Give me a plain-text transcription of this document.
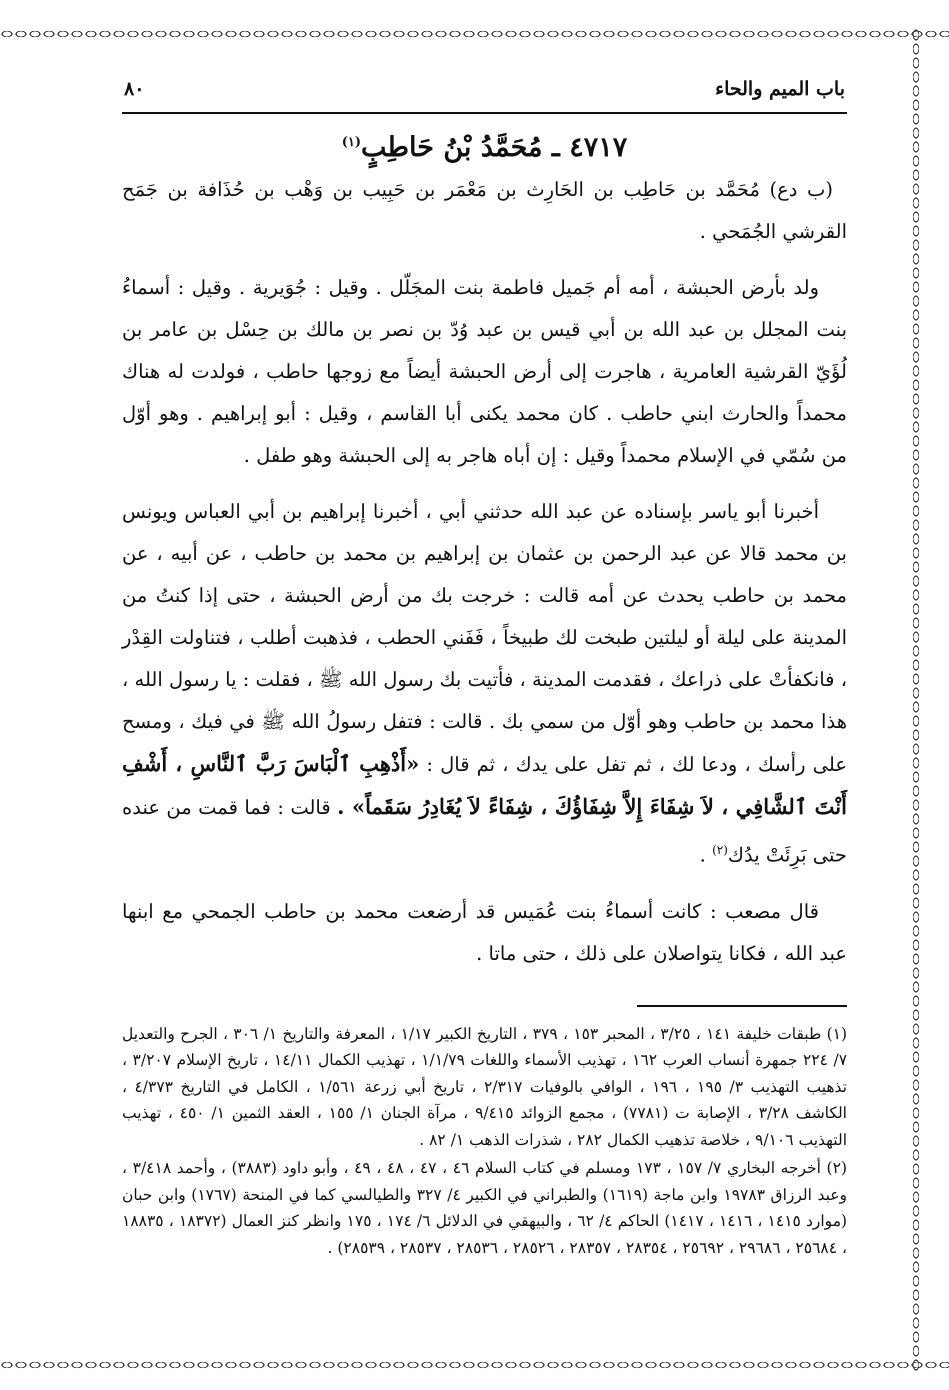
باب الميم والحاء
٨٠
٤٧١٧ ـ مُحَمَّدُ بْنُ حَاطِبٍ$^{(١)}$

(ب دع) مُحَمَّد بن حَاطِب بن الحَارِث بن مَعْمَر بن حَبِيب بن وَهْب بن حُذَافة بن جَمَح القرشي الجُمَحي .

ولد بأرض الحبشة ، أمه أم جَميل فاطمة بنت المجَلّل . وقيل : جُوَيرية . وقيل : أسماءُ بنت المجلل بن عبد الله بن أبي قيس بن عبد وُدّ بن نصر بن مالك بن حِسْل بن عامر بن لُؤَيّ القرشية العامرية ، هاجرت إلى أرض الحبشة أيضاً مع زوجها حاطب ، فولدت له هناك محمداً والحارث ابني حاطب . كان محمد يكنى أبا القاسم ، وقيل : أبو إبراهيم . وهو أوّل من سُمّي في الإسلام محمداً وقيل : إن أباه هاجر به إلى الحبشة وهو طفل .

أخبرنا أبو ياسر بإسناده عن عبد الله حدثني أبي ، أخبرنا إبراهيم بن أبي العباس ويونس بن محمد قالا عن عبد الرحمن بن عثمان بن إبراهيم بن محمد بن حاطب ، عن أبيه ، عن محمد بن حاطب يحدث عن أمه قالت : خرجت بك من أرض الحبشة ، حتى إذا كنتُ من المدينة على ليلة أو ليلتين طبخت لك طبيخاً ، فَفَني الحطب ، فذهبت أطلب ، فتناولت القِدْر ، فانكفأتْ على ذراعك ، فقدمت المدينة ، فأتيت بك رسول الله ﷺ ، فقلت : يا رسول الله ، هذا محمد بن حاطب وهو أوّل من سمي بك . قالت : فتفل رسولُ الله ﷺ في فيك ، ومسح على رأسك ، ودعا لك ، ثم تفل على يدك ، ثم قال : «أَذْهِبِ ٱلْبَاسَ رَبَّ ٱلنَّاسِ ، أَشْفِ أَنْتَ ٱلشَّافِي ، لاَ شِفَاءَ إِلاَّ شِفَاؤُكَ ، شِفَاءً لاَ يُغَادِرُ سَقَماً» . قالت : فما قمت من عنده حتى بَرِئَتْ يدُك$^{(٢)}$ .

قال مصعب : كانت أسماءُ بنت عُمَيس قد أرضعت محمد بن حاطب الجمحي مع ابنها عبد الله ، فكانا يتواصلان على ذلك ، حتى ماتا .

(١) طبقات خليفة ١٤١ ، ٣/٢٥ ، المحبر ١٥٣ ، ٣٧٩ ، التاريخ الكبير ١/١٧ ، المعرفة والتاريخ ١/ ٣٠٦ ، الجرح والتعديل ٧/ ٢٢٤ جمهرة أنساب العرب ١٦٢ ، تهذيب الأسماء واللغات ١/١/٧٩ ، تهذيب الكمال ١٤/١١ ، تاريخ الإسلام ٣/٢٠٧ ، تذهيب التهذيب ٣/ ١٩٥ ، ١٩٦ ، الوافي بالوفيات ٢/٣١٧ ، تاريخ أبي زرعة ١/٥٦١ ، الكامل في التاريخ ٤/٣٧٣ ، الكاشف ٣/٢٨ ، الإصابة ت (٧٧٨١) ، مجمع الزوائد ٩/٤١٥ ، مرآة الجنان ١/ ١٥٥ ، العقد الثمين ١/ ٤٥٠ ، تهذيب التهذيب ٩/١٠٦ ، خلاصة تذهيب الكمال ٢٨٢ ، شذرات الذهب ١/ ٨٢ .

(٢) أخرجه البخاري ٧/ ١٥٧ ، ١٧٣ ومسلم في كتاب السلام ٤٦ ، ٤٧ ، ٤٨ ، ٤٩ ، وأبو داود (٣٨٨٣) ، وأحمد ٣/٤١٨ ، وعبد الرزاق ١٩٧٨٣ وابن ماجة (١٦١٩) والطبراني في الكبير ٤/ ٣٢٧ والطيالسي كما في المنحة (١٧٦٧) وابن حبان (موارد ١٤١٥ ، ١٤١٦ ، ١٤١٧) الحاكم ٤/ ٦٢ ، والبيهقي في الدلائل ٦/ ١٧٤ ، ١٧٥ وانظر كنز العمال (١٨٣٧٢ ، ١٨٨٣٥ ، ٢٥٦٨٤ ، ٢٩٦٨٦ ، ٢٥٦٩٢ ، ٢٨٣٥٤ ، ٢٨٣٥٧ ، ٢٨٥٢٦ ، ٢٨٥٣٦ ، ٢٨٥٣٧ ، ٢٨٥٣٩) .
